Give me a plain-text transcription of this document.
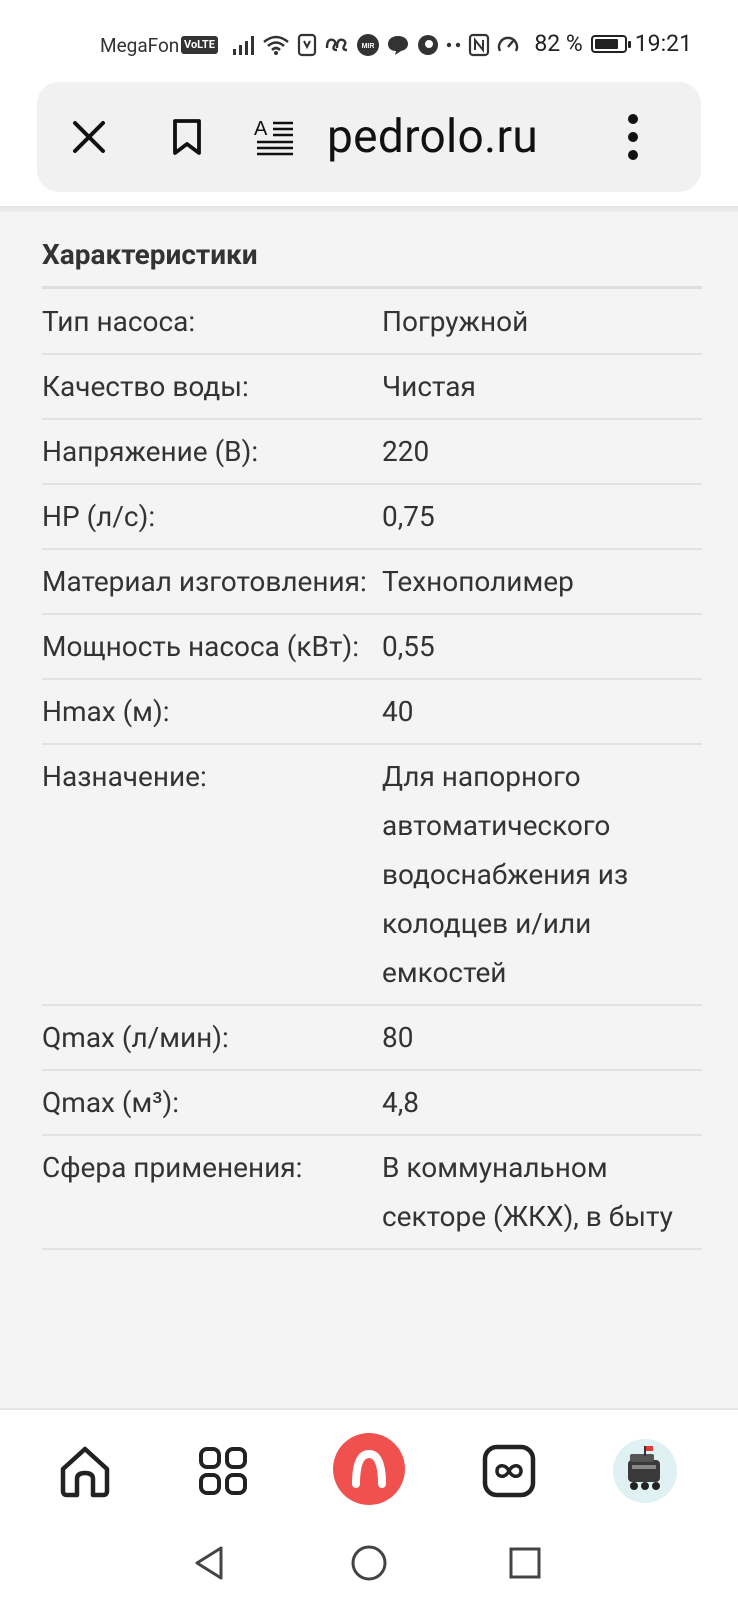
MegaFon VoLTE	MIR	82 % 19:21
A pedrolo.ru
Характеристики
Тип насоса:	Погружной
Качество воды:	Чистая
Напряжение (В):	220
HP (л/с):	0,75
Материал изготовления:	Технополимер
Мощность насоса (кВт):	0,55
Hmax (м):	40
Назначение:	Для напорного автоматического водоснабжения из колодцев и/или емкостей
Qmax (л/мин):	80
Qmax (м³):	4,8
Сфера применения:	В коммунальном секторе (ЖКХ), в быту
